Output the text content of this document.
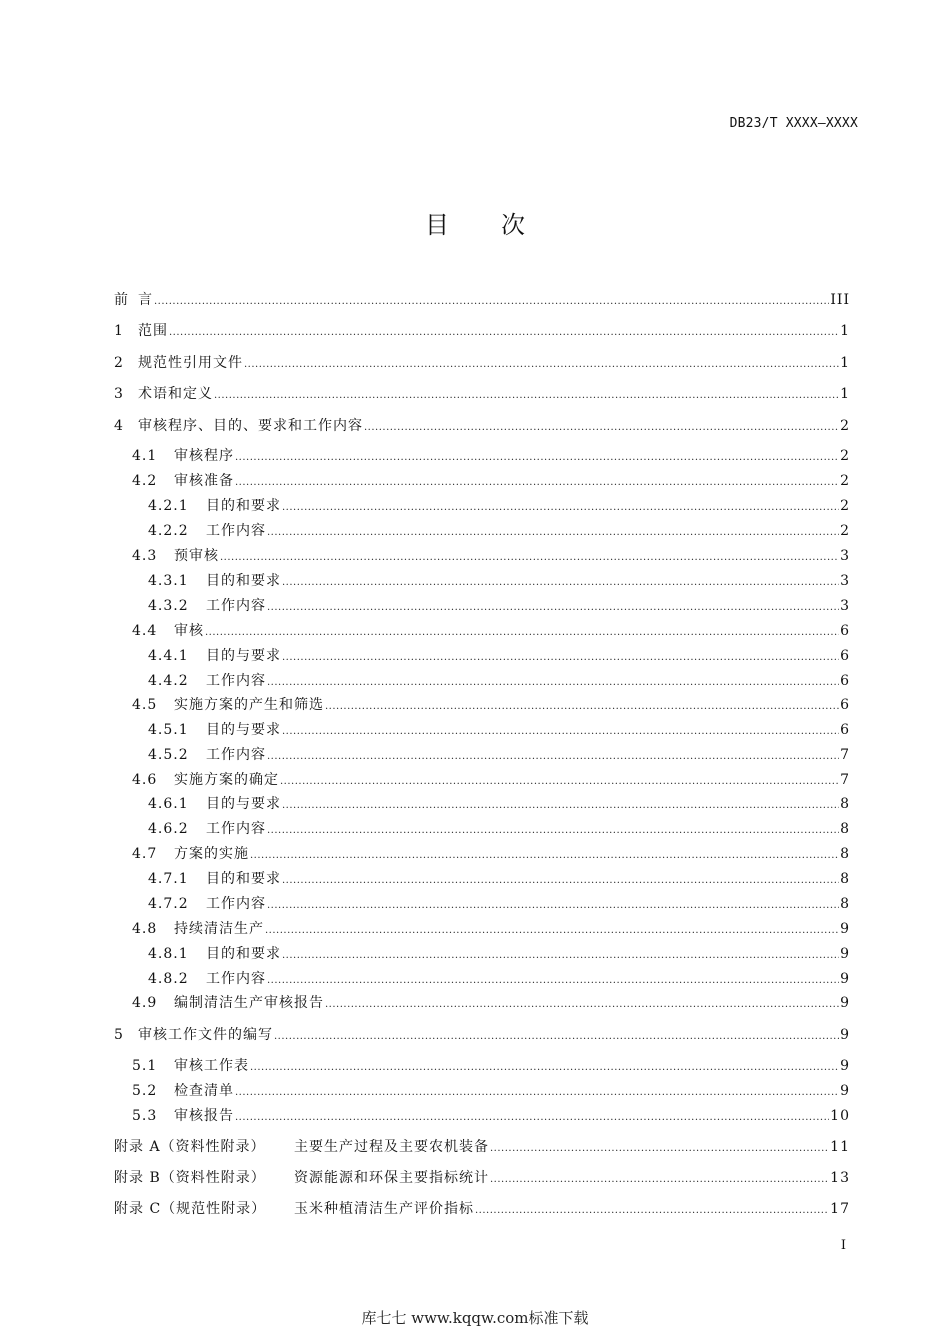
DB23/T XXXX—XXXX
目次
前 言 .....	III
1	范围 .....	1
2	规范性引用文件 .....	1
3	术语和定义 .....	1
4	审核程序、目的、要求和工作内容 .....	2
4.1	审核程序 .....	2
4.2	审核准备 .....	2
4.2.1	目的和要求 .....	2
4.2.2	工作内容 .....	2
4.3	预审核 .....	3
4.3.1	目的和要求 .....	3
4.3.2	工作内容 .....	3
4.4	审核 .....	6
4.4.1	目的与要求 .....	6
4.4.2	工作内容 .....	6
4.5	实施方案的产生和筛选 .....	6
4.5.1	目的与要求 .....	6
4.5.2	工作内容 .....	7
4.6	实施方案的确定 .....	7
4.6.1	目的与要求 .....	8
4.6.2	工作内容 .....	8
4.7	方案的实施 .....	8
4.7.1	目的和要求 .....	8
4.7.2	工作内容 .....	8
4.8	持续清洁生产 .....	9
4.8.1	目的和要求 .....	9
4.8.2	工作内容 .....	9
4.9	编制清洁生产审核报告 .....	9
5	审核工作文件的编写 .....	9
5.1	审核工作表 .....	9
5.2	检查清单 .....	9
5.3	审核报告 .....	10
附录 A（资料性附录）	主要生产过程及主要农机装备 .....	11
附录 B（资料性附录）	资源能源和环保主要指标统计 .....	13
附录 C（规范性附录）	玉米种植清洁生产评价指标 .....	17
I
库七七 www.kqqw.com标准下载
